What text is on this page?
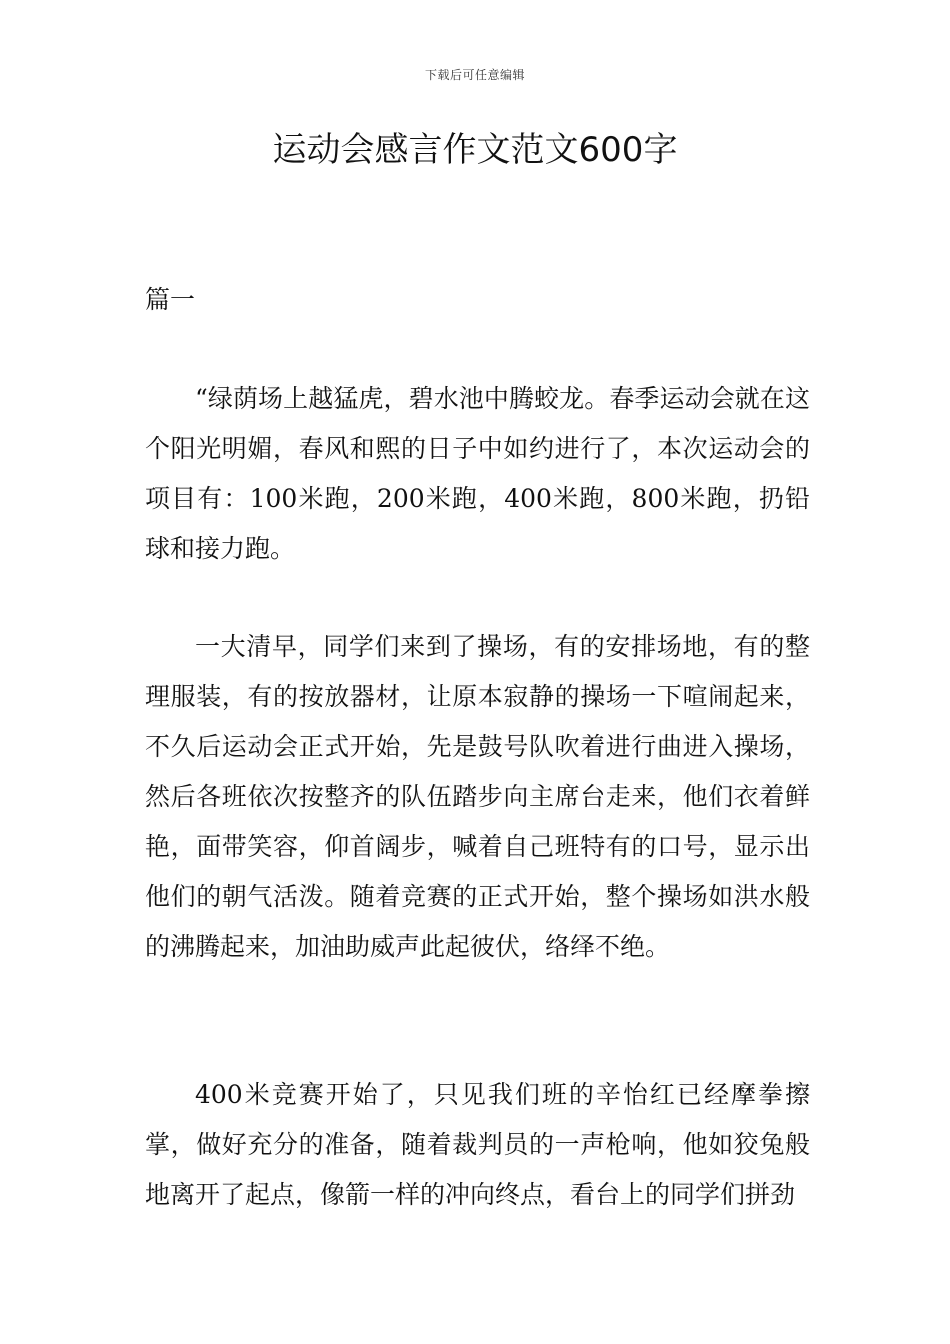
下载后可任意编辑
运动会感言作文范文600字
篇一

“绿荫场上越猛虎，碧水池中腾蛟龙。春季运动会就在这个阳光明媚，春风和熙的日子中如约进行了，本次运动会的项目有：100米跑，200米跑，400米跑，800米跑，扔铅球和接力跑。

一大清早，同学们来到了操场，有的安排场地，有的整理服装，有的按放器材，让原本寂静的操场一下喧闹起来，不久后运动会正式开始，先是鼓号队吹着进行曲进入操场，然后各班依次按整齐的队伍踏步向主席台走来，他们衣着鲜艳，面带笑容，仰首阔步，喊着自己班特有的口号，显示出他们的朝气活泼。随着竞赛的正式开始，整个操场如洪水般的沸腾起来，加油助威声此起彼伏，络绎不绝。

400米竞赛开始了，只见我们班的辛怡红已经摩拳擦掌，做好充分的准备，随着裁判员的一声枪响，他如狡兔般地离开了起点，像箭一样的冲向终点，看台上的同学们拼劲
